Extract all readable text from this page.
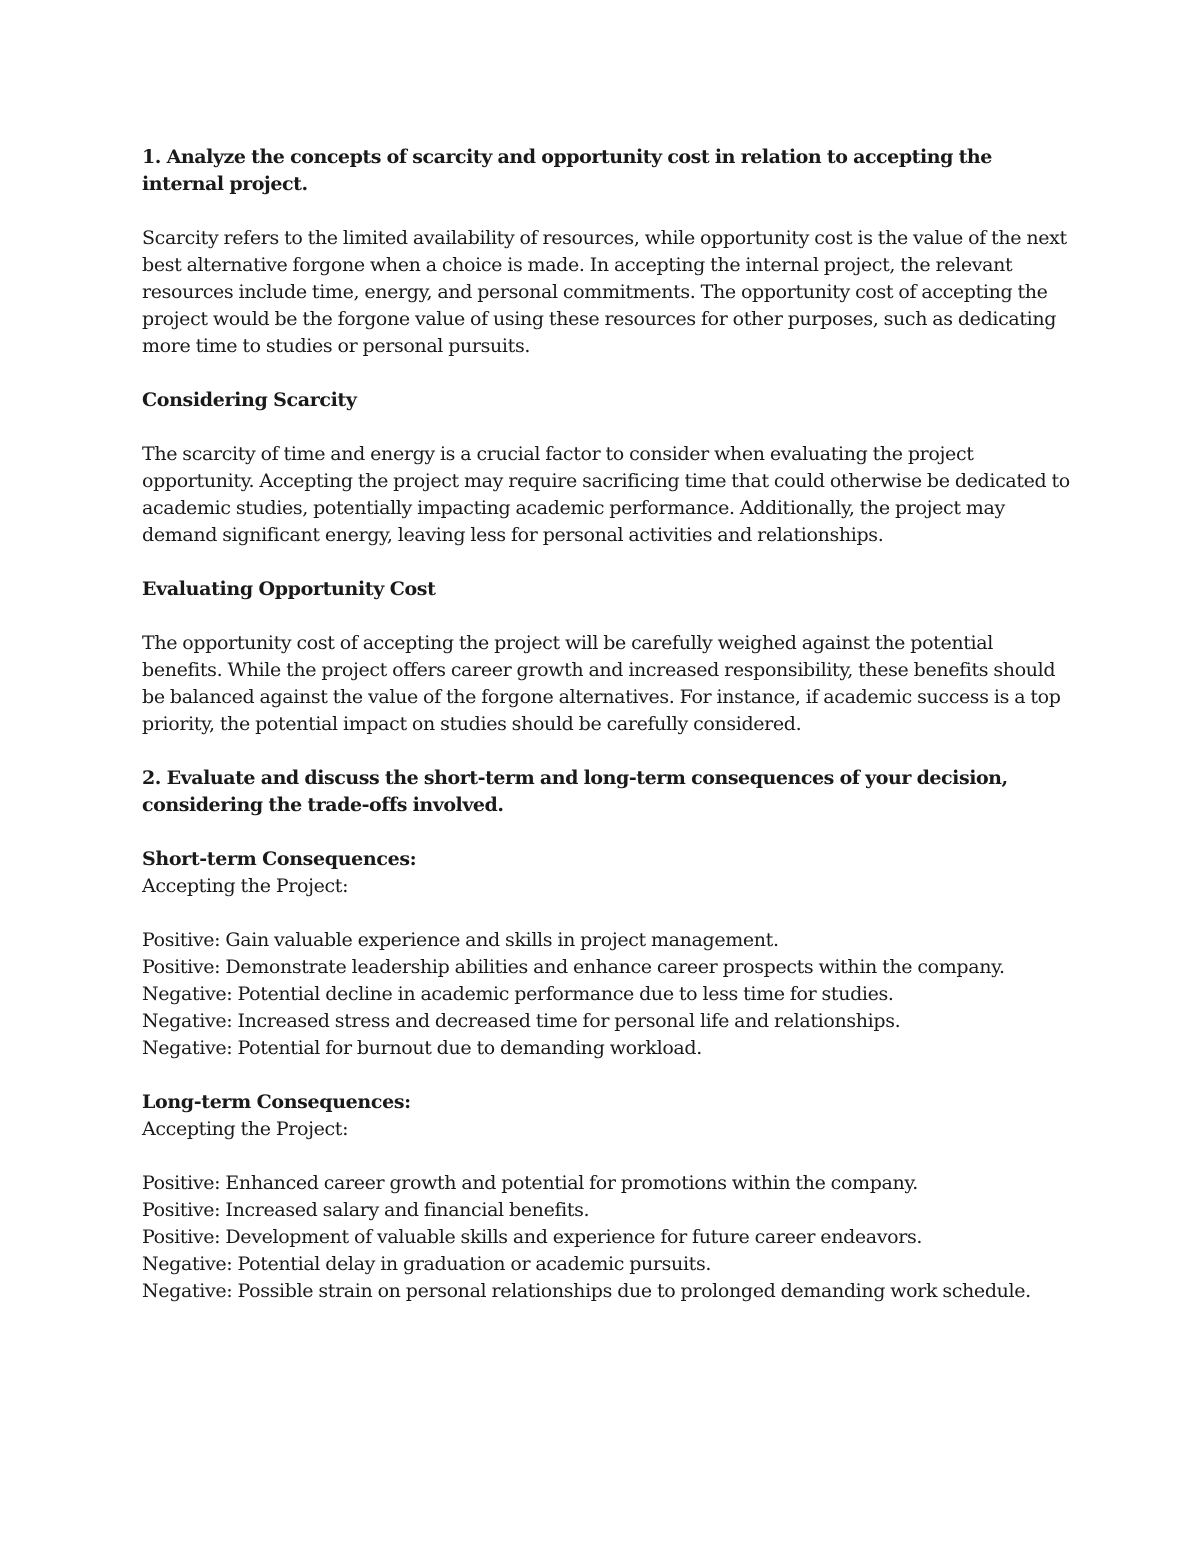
1. Analyze the concepts of scarcity and opportunity cost in relation to accepting the internal project.

Scarcity refers to the limited availability of resources, while opportunity cost is the value of the next best alternative forgone when a choice is made. In accepting the internal project, the relevant resources include time, energy, and personal commitments. The opportunity cost of accepting the project would be the forgone value of using these resources for other purposes, such as dedicating more time to studies or personal pursuits.

Considering Scarcity

The scarcity of time and energy is a crucial factor to consider when evaluating the project opportunity. Accepting the project may require sacrificing time that could otherwise be dedicated to academic studies, potentially impacting academic performance. Additionally, the project may demand significant energy, leaving less for personal activities and relationships.

Evaluating Opportunity Cost

The opportunity cost of accepting the project will be carefully weighed against the potential benefits. While the project offers career growth and increased responsibility, these benefits should be balanced against the value of the forgone alternatives. For instance, if academic success is a top priority, the potential impact on studies should be carefully considered.

2. Evaluate and discuss the short-term and long-term consequences of your decision, considering the trade-offs involved.

Short-term Consequences:

Accepting the Project:

Positive: Gain valuable experience and skills in project management.
Positive: Demonstrate leadership abilities and enhance career prospects within the company.
Negative: Potential decline in academic performance due to less time for studies.
Negative: Increased stress and decreased time for personal life and relationships.
Negative: Potential for burnout due to demanding workload.

Long-term Consequences:

Accepting the Project:

Positive: Enhanced career growth and potential for promotions within the company.
Positive: Increased salary and financial benefits.
Positive: Development of valuable skills and experience for future career endeavors.
Negative: Potential delay in graduation or academic pursuits.
Negative: Possible strain on personal relationships due to prolonged demanding work schedule.
